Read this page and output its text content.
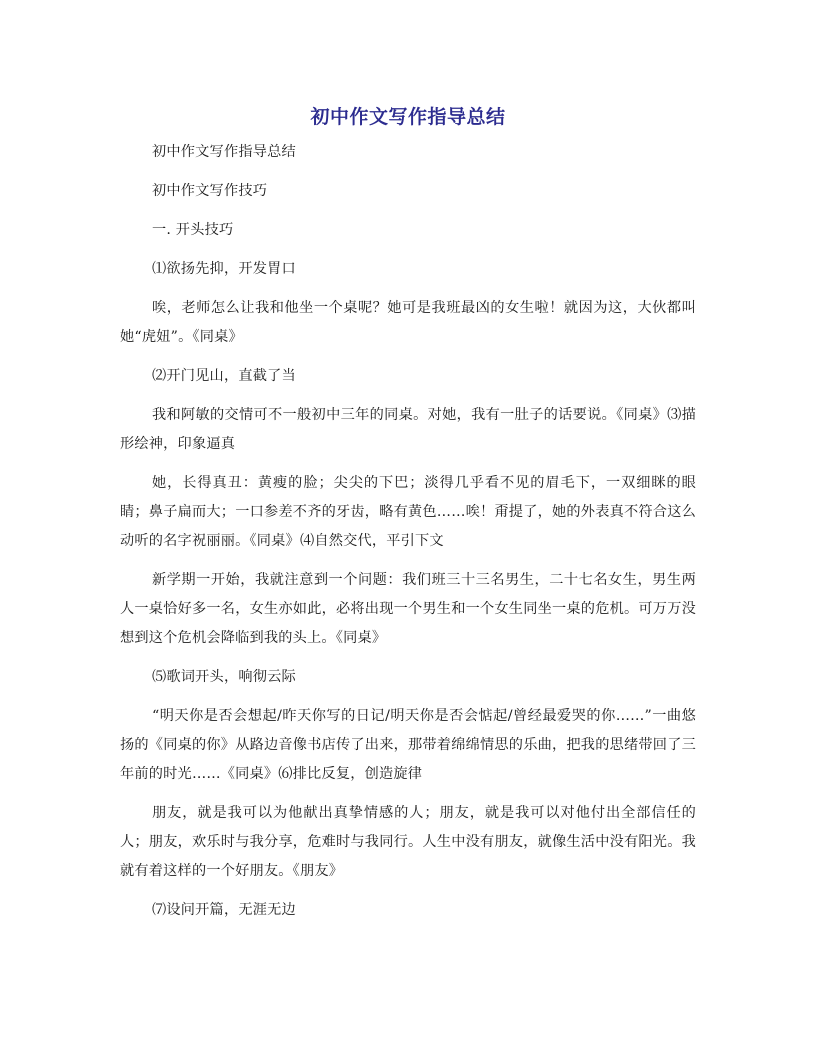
初中作文写作指导总结

初中作文写作指导总结

初中作文写作技巧

一. 开头技巧

⑴欲扬先抑，开发胃口

唉，老师怎么让我和他坐一个桌呢？她可是我班最凶的女生啦！就因为这，大伙都叫她“虎妞”。《同桌》

⑵开门见山，直截了当

我和阿敏的交情可不一般初中三年的同桌。对她，我有一肚子的话要说。《同桌》⑶描形绘神，印象逼真

她，长得真丑：黄瘦的脸；尖尖的下巴；淡得几乎看不见的眉毛下，一双细眯的眼睛；鼻子扁而大；一口参差不齐的牙齿，略有黄色……唉！甭提了，她的外表真不符合这么动听的名字祝丽丽。《同桌》⑷自然交代，平引下文

新学期一开始，我就注意到一个问题：我们班三十三名男生，二十七名女生，男生两人一桌恰好多一名，女生亦如此，必将出现一个男生和一个女生同坐一桌的危机。可万万没想到这个危机会降临到我的头上。《同桌》

⑸歌词开头，响彻云际

“明天你是否会想起/昨天你写的日记/明天你是否会惦起/曾经最爱哭的你……”一曲悠扬的《同桌的你》从路边音像书店传了出来，那带着绵绵情思的乐曲，把我的思绪带回了三年前的时光……《同桌》⑹排比反复，创造旋律

朋友，就是我可以为他献出真挚情感的人；朋友，就是我可以对他付出全部信任的人；朋友，欢乐时与我分享，危难时与我同行。人生中没有朋友，就像生活中没有阳光。我就有着这样的一个好朋友。《朋友》

⑺设问开篇，无涯无边
